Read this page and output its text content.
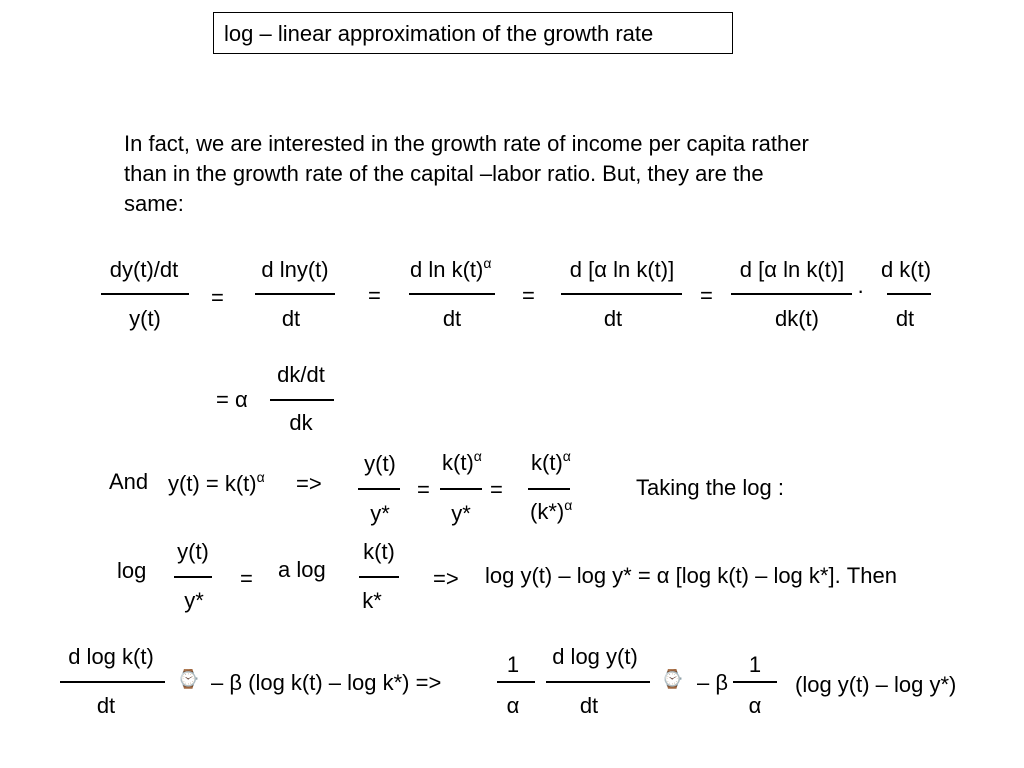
log – linear approximation of the growth rate
In fact, we are interested in the growth rate of income per capita rather
than in the growth rate of the capital –labor ratio. But, they are the
same:
dy(t)/dt
y(t)
=
d lny(t)
dt
=
d $\ln k(t)^\alpha$
dt
=
d [α ln k(t)]
dt
=
d [α ln k(t)]
dk(t)
·
d k(t)
dt
= α
dk/dt
dk
And $y(t) = k(t)^\alpha$ =>
y(t)
y*
=
$k(t)^\alpha$
y*
=
$k(t)^\alpha$
$(k*)^\alpha$
Taking the log :
log
y(t)
y*
= a log
k(t)
k*
=> log y(t) – log y* = α [log k(t) – log k*]. Then
d log k(t)
dt
⌚ – β (log k(t) – log k*) =>
1
α
d log y(t)
dt
⌚ – β
1
α
(log y(t) – log y*)
